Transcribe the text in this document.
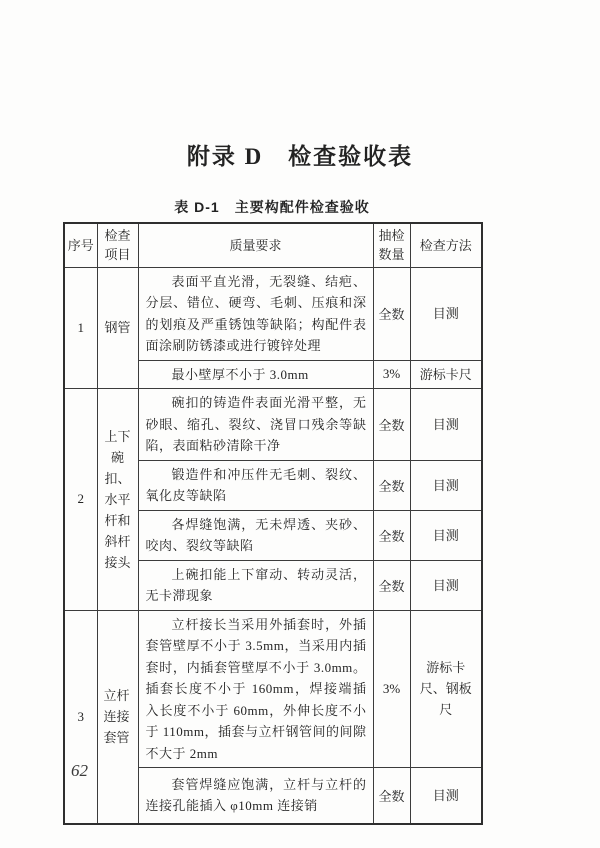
附录 D　检查验收表
表 D-1　主要构配件检查验收
序号	检查项目	质量要求	抽检数量	检查方法
1	钢管	表面平直光滑，无裂缝、结疤、分层、错位、硬弯、毛刺、压痕和深的划痕及严重锈蚀等缺陷；构配件表面涂刷防锈漆或进行镀锌处理	全数	目测
		最小壁厚不小于 3.0mm	3%	游标卡尺
2	上下碗扣、水平杆和斜杆接头	碗扣的铸造件表面光滑平整，无砂眼、缩孔、裂纹、浇冒口残余等缺陷，表面粘砂清除干净	全数	目测
		锻造件和冲压件无毛刺、裂纹、氧化皮等缺陷	全数	目测
		各焊缝饱满，无未焊透、夹砂、咬肉、裂纹等缺陷	全数	目测
		上碗扣能上下窜动、转动灵活，无卡滞现象	全数	目测
3	立杆连接套管	立杆接长当采用外插套时，外插套管壁厚不小于 3.5mm，当采用内插套时，内插套管壁厚不小于 3.0mm。插套长度不小于 160mm，焊接端插入长度不小于 60mm，外伸长度不小于 110mm，插套与立杆钢管间的间隙不大于 2mm	3%	游标卡尺、钢板尺
		套管焊缝应饱满，立杆与立杆的连接孔能插入 φ10mm 连接销	全数	目测
62
